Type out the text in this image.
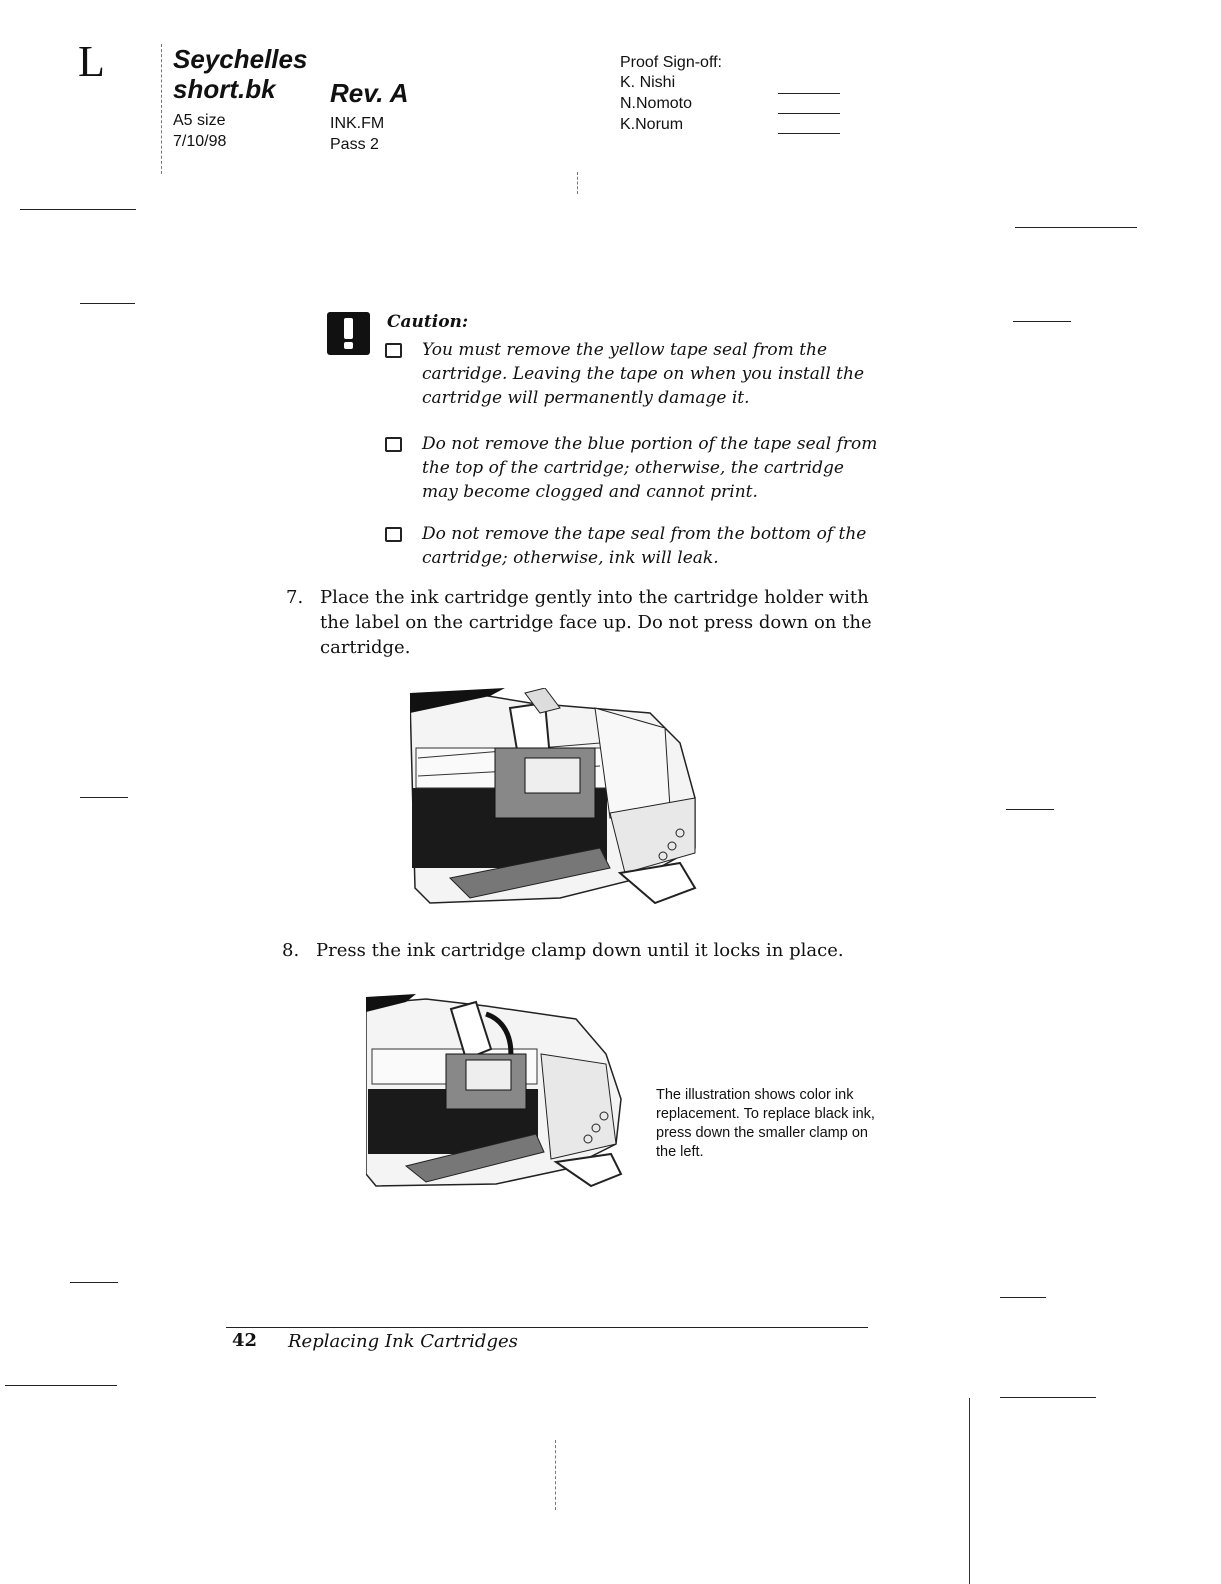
L	Seychelles
short.bk Rev. A
A5 size
7/10/98
INK.FM
Pass 2
Proof Sign-off:
K. Nishi
N.Nomoto
K.Norum
Caution:
You must remove the yellow tape seal from the cartridge. Leaving the tape on when you install the cartridge will permanently damage it.
Do not remove the blue portion of the tape seal from the top of the cartridge; otherwise, the cartridge may become clogged and cannot print.
Do not remove the tape seal from the bottom of the cartridge; otherwise, ink will leak.
7. Place the ink cartridge gently into the cartridge holder with the label on the cartridge face up. Do not press down on the cartridge.
8. Press the ink cartridge clamp down until it locks in place.
The illustration shows color ink replacement. To replace black ink, press down the smaller clamp on the left.
42 Replacing Ink Cartridges
